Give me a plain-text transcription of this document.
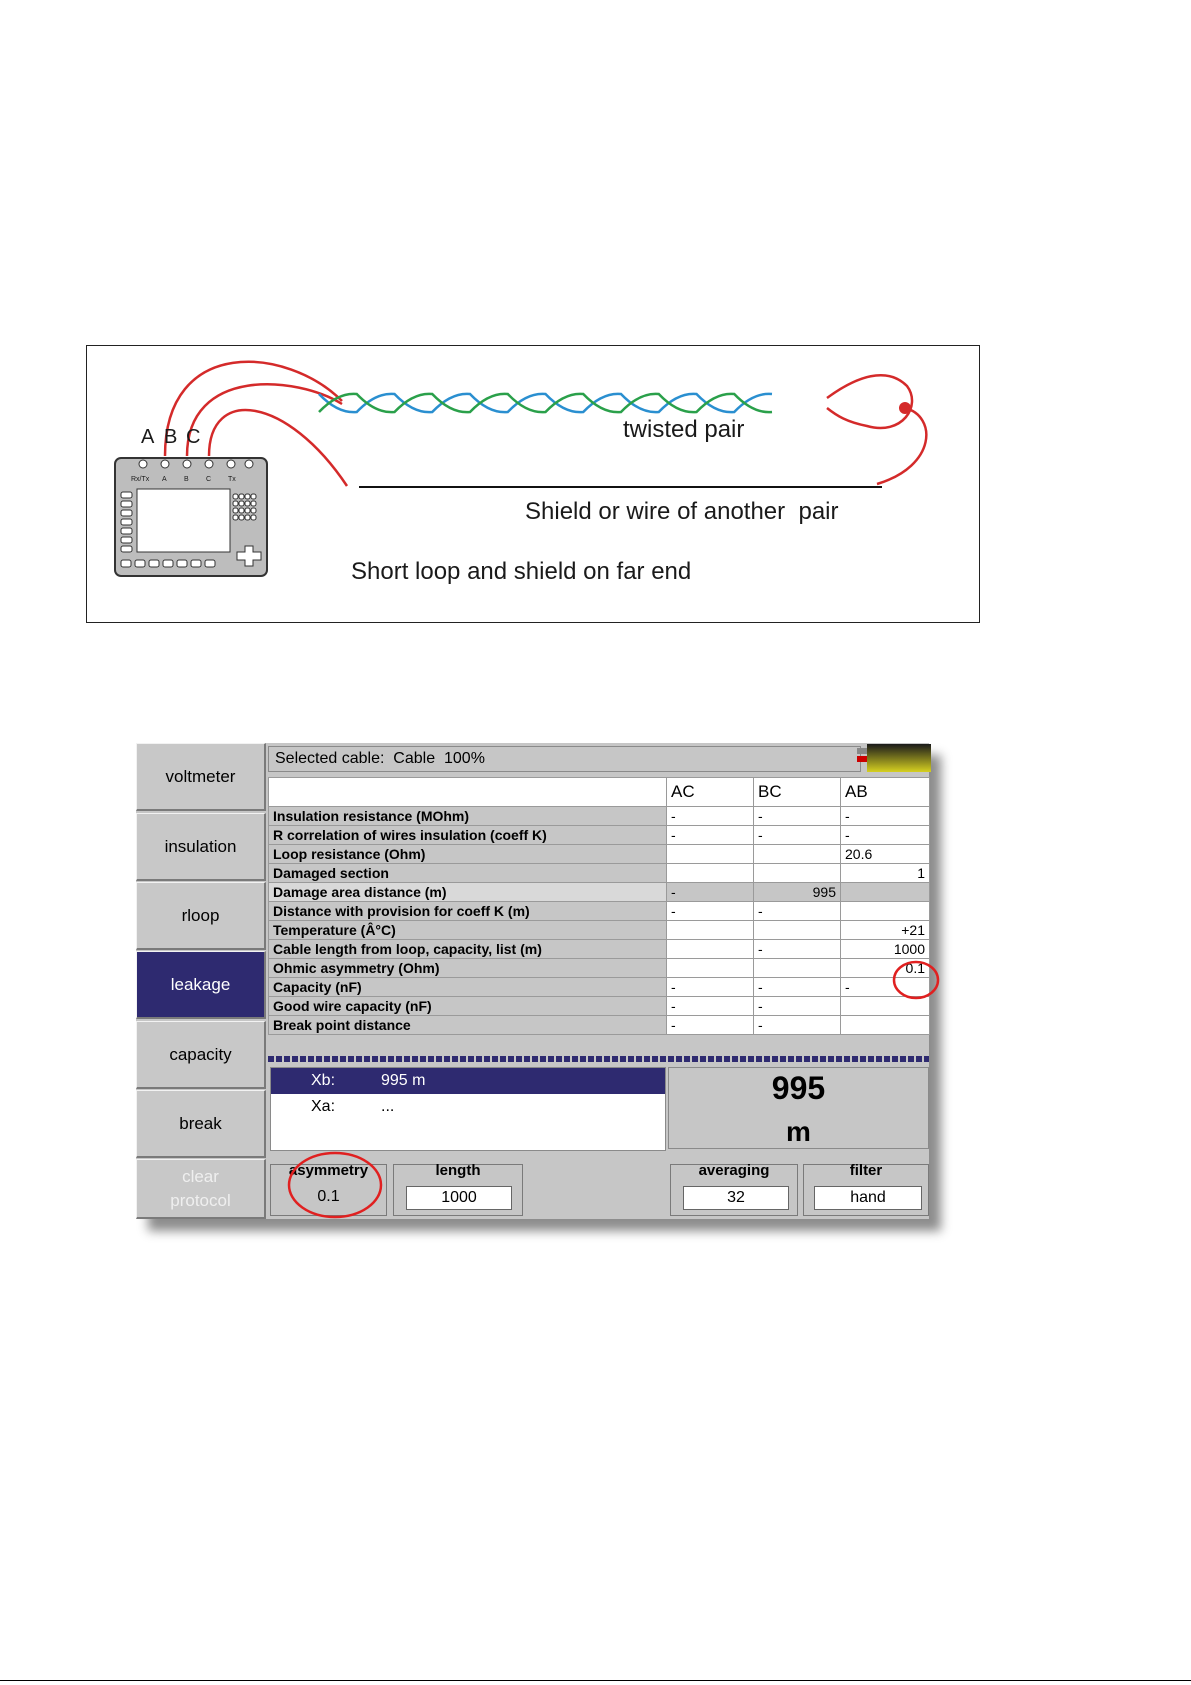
A B C
Rx/Tx A B C Tx
twisted pair
Shield or wire of another  pair
Short loop and shield on far end
voltmeter
insulation
rloop
leakage
capacity
break
clear
protocol
Selected cable:  Cable  100%
	AC	BC	AB
Insulation resistance (MOhm)	-	-	-
R correlation of wires insulation (coeff K)	-	-	-
Loop resistance (Ohm)			20.6
Damaged section			1
Damage area distance (m)	-	995	
Distance with provision for coeff K (m)	-	-	
Temperature (Â°C)			+21
Cable length from loop, capacity, list (m)		-	1000
Ohmic asymmetry (Ohm)			0.1
Capacity (nF)	-	-	-
Good wire capacity (nF)	-	-	
Break point distance	-	-	
Xb:	995 m
Xa:	...
995
m
asymmetry
0.1
length
1000
averaging
32
filter
hand
